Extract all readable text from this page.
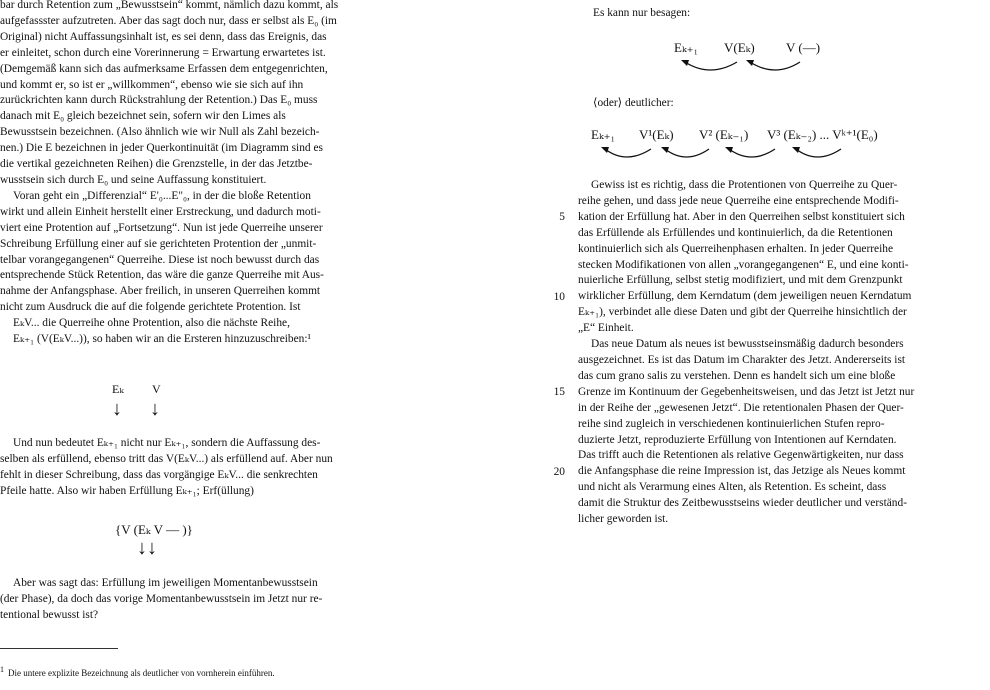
bar durch Retention zum „Bewusstsein“ kommt, nämlich dazu kommt, als
aufgefassster aufzutreten. Aber das sagt doch nur, dass er selbst als E₀ (im
Original) nicht Auffassungsinhalt ist, es sei denn, dass das Ereignis, das
er einleitet, schon durch eine Vorerinnerung = Erwartung erwartetes ist.
(Demgemäß kann sich das aufmerksame Erfassen dem entgegenrichten,
und kommt er, so ist er „willkommen“, ebenso wie sie sich auf ihn
zurückrichten kann durch Rückstrahlung der Retention.) Das E₀ muss
danach mit E₀ gleich bezeichnet sein, sofern wir den Limes als
Bewusstsein bezeichnen. (Also ähnlich wie wir Null als Zahl bezeich-
nen.) Die E bezeichnen in jeder Querkontinuität (im Diagramm sind es
die vertikal gezeichneten Reihen) die Grenzstelle, in der das Jetztbe-
wusstsein sich durch E₀ und seine Auffassung konstituiert.

Voran geht ein „Differenzial“ E'₀...E"₀, in der die bloße Retention
wirkt und allein Einheit herstellt einer Erstreckung, und dadurch moti-
viert eine Protention auf „Fortsetzung“. Nun ist jede Querreihe unserer
Schreibung Erfüllung einer auf sie gerichteten Protention der „unmit-
telbar vorangegangenen“ Querreihe. Diese ist noch bewusst durch das
entsprechende Stück Retention, das wäre die ganze Querreihe mit Aus-
nahme der Anfangsphase. Aber freilich, in unseren Querreihen kommt
nicht zum Ausdruck die auf die folgende gerichtete Protention. Ist
EₖV... die Querreihe ohne Protention, also die nächste Reihe,
Eₖ₊₁ (V(EₖV...)), so haben wir an die Ersteren hinzuzuschreiben:¹

Eₖ V
↓ ↓

Und nun bedeutet Eₖ₊₁ nicht nur Eₖ₊₁, sondern die Auffassung des-
selben als erfüllend, ebenso tritt das V(EₖV...) als erfüllend auf. Aber nun
fehlt in dieser Schreibung, dass das vorgängige EₖV... die senkrechten
Pfeile hatte. Also wir haben Erfüllung Eₖ₊₁; Erf(üllung)

{V (Eₖ V — )}
↓↓

Aber was sagt das: Erfüllung im jeweiligen Momentanbewusstsein
(der Phase), da doch das vorige Momentanbewusstsein im Jetzt nur re-
tentional bewusst ist?

$^1$ Die untere explizite Bezeichnung als deutlicher von vornherein einführen.
Es kann nur besagen:
Eₖ₊₁ V(Eₖ) V (—)
⟨oder⟩ deutlicher:
Eₖ₊₁ V¹(Eₖ) V² (Eₖ₋₁) V³ (Eₖ₋₂) ... Vᵏ⁺¹(E₀)
5
10
15
20

Gewiss ist es richtig, dass die Protentionen von Querreihe zu Quer-
reihe gehen, und dass jede neue Querreihe eine entsprechende Modifi-
kation der Erfüllung hat. Aber in den Querreihen selbst konstituiert sich
das Erfüllende als Erfüllendes und kontinuierlich, da die Retentionen
kontinuierlich sich als Querreihenphasen erhalten. In jeder Querreihe
stecken Modifikationen von allen „vorangegangenen“ E, und eine konti-
nuierliche Erfüllung, selbst stetig modifiziert, und mit dem Grenzpunkt
wirklicher Erfüllung, dem Kerndatum (dem jeweiligen neuen Kerndatum
Eₖ₊₁), verbindet alle diese Daten und gibt der Querreihe hinsichtlich der
„E“ Einheit.

Das neue Datum als neues ist bewusstseinsmäßig dadurch besonders
ausgezeichnet. Es ist das Datum im Charakter des Jetzt. Andererseits ist
das cum grano salis zu verstehen. Denn es handelt sich um eine bloße
Grenze im Kontinuum der Gegebenheitsweisen, und das Jetzt ist Jetzt nur
in der Reihe der „gewesenen Jetzt“. Die retentionalen Phasen der Quer-
reihe sind zugleich in verschiedenen kontinuierlichen Stufen repro-
duzierte Jetzt, reproduzierte Erfüllung von Intentionen auf Kerndaten.
Das trifft auch die Retentionen als relative Gegenwärtigkeiten, nur dass
die Anfangsphase die reine Impression ist, das Jetzige als Neues kommt
und nicht als Verarmung eines Alten, als Retention. Es scheint, dass
damit die Struktur des Zeitbewusstseins wieder deutlicher und verständ-
licher geworden ist.
